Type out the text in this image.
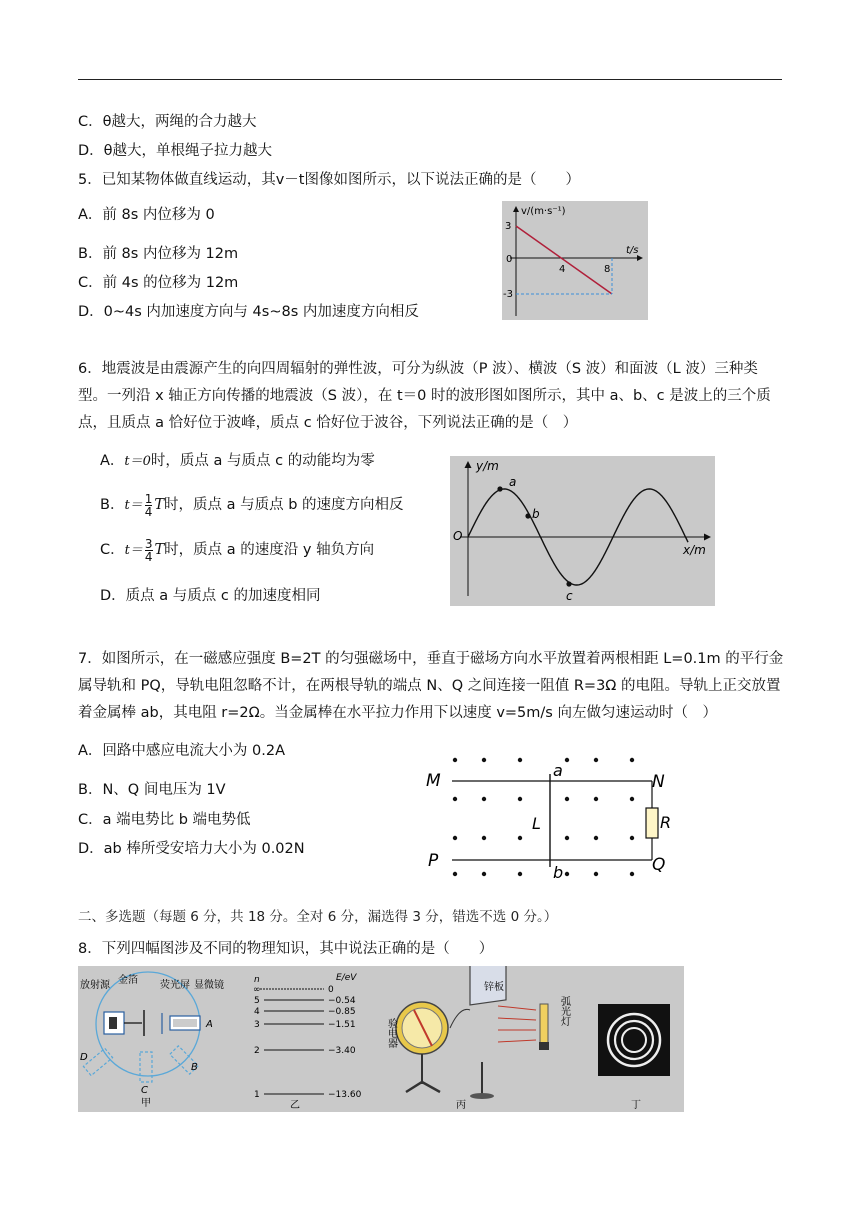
C．θ越大，两绳的合力越大
D．θ越大，单根绳子拉力越大
5．已知某物体做直线运动，其v－t图像如图所示，以下说法正确的是（　　）
A．前 8s 内位移为 0
B．前 8s 内位移为 12m
C．前 4s 的位移为 12m
D．0~4s 内加速度方向与 4s~8s 内加速度方向相反
v/(m·s⁻¹)
t/s
3
0
-3
4	8
6．地震波是由震源产生的向四周辐射的弹性波，可分为纵波（P 波）、横波（S 波）和面波（L 波）三种类型。一列沿 x 轴正方向传播的地震波（S 波），在 t＝0 时的波形图如图所示，其中 a、b、c 是波上的三个质点，且质点 a 恰好位于波峰，质点 c 恰好位于波谷，下列说法正确的是（　）
A．t＝0时，质点 a 与质点 c 的动能均为零
B．$t= \frac{1}{4}$ T时，质点 a 与质点 b 的速度方向相反
C．$t= \frac{3}{4}$ T时，质点 a 的速度沿 y 轴负方向
D．质点 a 与质点 c 的加速度相同
y/m
x/m
O
a
b
c
7．如图所示，在一磁感应强度 B=2T 的匀强磁场中，垂直于磁场方向水平放置着两根相距 L=0.1m 的平行金属导轨和 PQ，导轨电阻忽略不计，在两根导轨的端点 N、Q 之间连接一阻值 R=3Ω 的电阻。导轨上正交放置着金属棒 ab，其电阻 r=2Ω。当金属棒在水平拉力作用下以速度 v=5m/s 向左做匀速运动时（　）
A．回路中感应电流大小为 0.2A
B．N、Q 间电压为 1V
C．a 端电势比 b 端电势低
D．ab 棒所受安培力大小为 0.02N
M	N
P	Q
a
b
L	R
二、多选题（每题 6 分，共 18 分。全对 6 分，漏选得 3 分，错选不选 0 分。）
8．下列四幅图涉及不同的物理知识，其中说法正确的是（　　）
放射源 金箔 荧光屏 显微镜
A
B
C
D
甲
n	E/eV
∞
5
4
3
2
1
0
−0.54
−0.85
−1.51
−3.40
−13.60
乙
锌板
弧光灯
验电器
丙	丁
